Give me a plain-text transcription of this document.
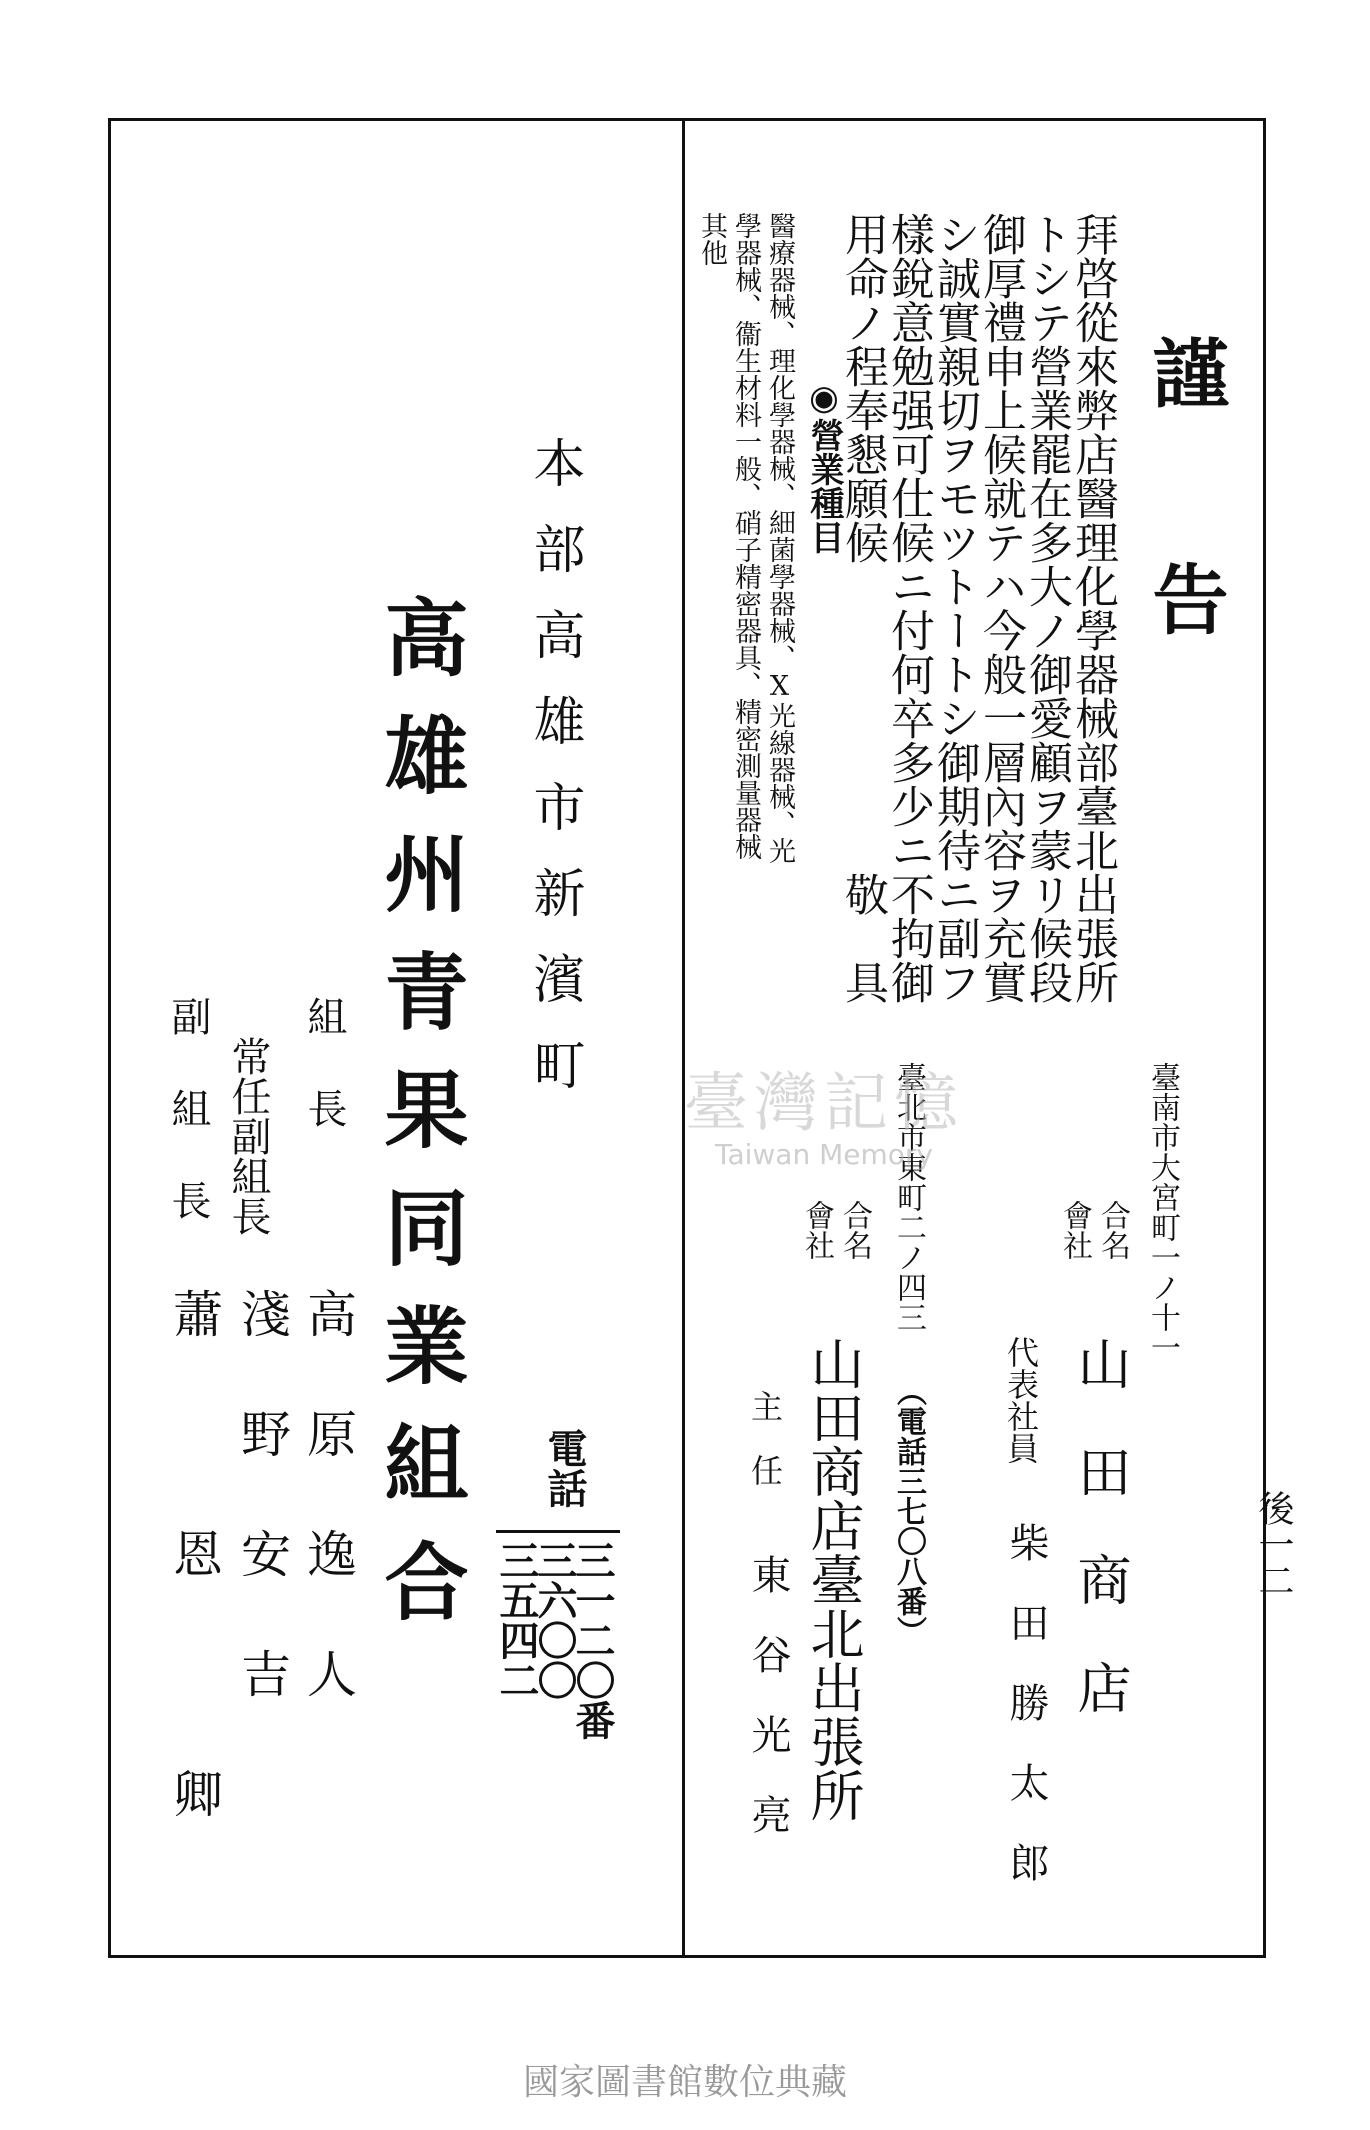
後一二
謹
告
拜啓從來弊店醫理化學器械部臺北出張所
トシテ營業罷在多大ノ御愛顧ヲ蒙リ候段
御厚禮申上候就テハ今般一層內容ヲ充實
シ誠實親切ヲモツトートシ御期待ニ副フ
樣銳意勉强可仕候ニ付何卒多少ニ不拘御
用命ノ程奉懇願候　　　　　　　敬　具
◉營業種目
醫療器械、理化學器械、細菌學器械、X光線器械、光
學器械、衞生材料一般、硝子精密器具、精密測量器械
其他
臺南市大宮町一ノ十一
合名
會社
山　田　商　店
代表社員
柴　田　勝　太　郎
臺北市東町二ノ四三
（電話三七〇八番）
合名
會社
山田商店臺北出張所
主　任
東　谷　光　亮
臺灣記憶
Taiwan Memory
本部高雄市新濱町
高雄州青果同業組合 電話
三一二〇番
三六〇〇
三五四二
組　長
高　原　逸　人
常任副組長
淺　野　安　吉
副　組　長
蕭　　　恩　　　卿
國家圖書館數位典藏
